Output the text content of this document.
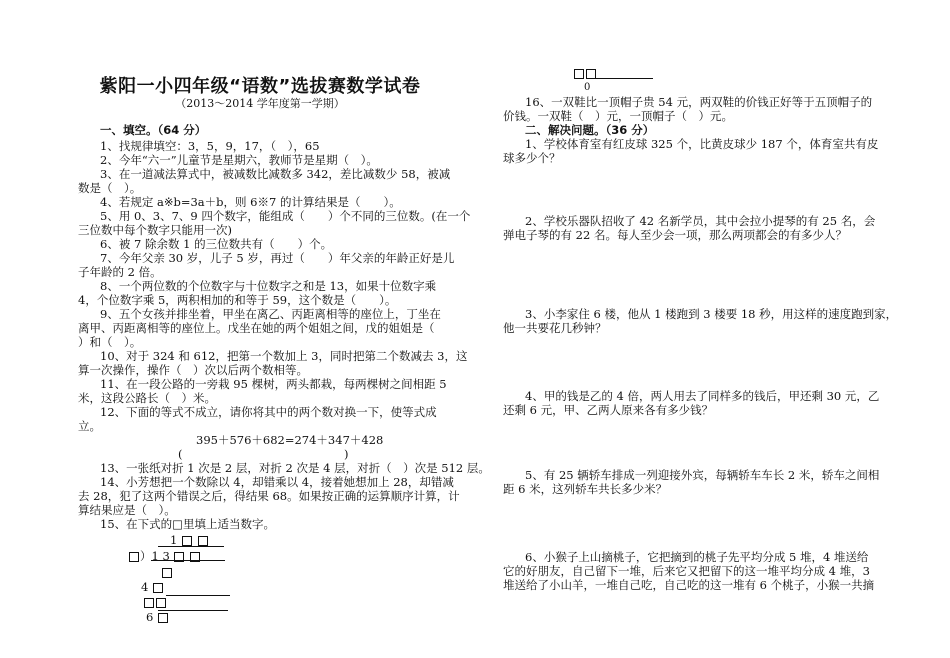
紫阳一小四年级“语数”选拔赛数学试卷
（2013～2014 学年度第一学期）
一、填空。（64 分）
1、找规律填空：3，5，9，17，（　），65
2、今年“六一”儿童节是星期六，教师节是星期（　）。
3、在一道减法算式中，被减数比减数多 342，差比减数少 58，被减
数是（　）。
4、若规定 a※b=3a＋b，则 6※7 的计算结果是（　　）。
5、用 0、3、7、9 四个数字，能组成（　　）个不同的三位数。(在一个
三位数中每个数字只能用一次)
6、被 7 除余数 1 的三位数共有（　　）个。
7、今年父亲 30 岁，儿子 5 岁，再过（　　）年父亲的年龄正好是儿
子年龄的 2 倍。
8、一个两位数的个位数字与十位数字之和是 13，如果十位数字乘
4，个位数字乘 5，两积相加的和等于 59，这个数是（　　）。
9、五个女孩并排坐着，甲坐在离乙、丙距离相等的座位上，丁坐在
离甲、丙距离相等的座位上。戊坐在她的两个姐姐之间，戊的姐姐是（
）和（　）。
10、对于 324 和 612，把第一个数加上 3，同时把第二个数减去 3，这
算一次操作，操作（　）次以后两个数相等。
11、在一段公路的一旁栽 95 棵树，两头都栽，每两棵树之间相距 5
米，这段公路长（　）米。
12、下面的等式不成立，请你将其中的两个数对换一下，使等式成
立。
395＋576＋682=274＋347＋428
(	)
13、一张纸对折 1 次是 2 层，对折 2 次是 4 层，对折（　）次是 512 层。
14、小芳想把一个数除以 4，却错乘以 4，接着她想加上 28，却错减
去 28，犯了这两个错误之后，得结果 68。如果按正确的运算顺序计算，计
算结果应是（　）。
15、在下式的□里填上适当数字。
1
）1 3
4
6
0
16、一双鞋比一顶帽子贵 54 元，两双鞋的价钱正好等于五顶帽子的
价钱。一双鞋（　）元，一顶帽子（　）元。
二、解决问题。（36 分）
1、学校体育室有红皮球 325 个，比黄皮球少 187 个，体育室共有皮
球多少个？
2、学校乐器队招收了 42 名新学员，其中会拉小提琴的有 25 名，会
弹电子琴的有 22 名。每人至少会一项，那么两项都会的有多少人？
3、小李家住 6 楼，他从 1 楼跑到 3 楼要 18 秒，用这样的速度跑到家，
他一共要花几秒钟？
4、甲的钱是乙的 4 倍，两人用去了同样多的钱后，甲还剩 30 元，乙
还剩 6 元，甲、乙两人原来各有多少钱？
5、有 25 辆轿车排成一列迎接外宾，每辆轿车车长 2 米，轿车之间相
距 6 米，这列轿车共长多少米？
6、小猴子上山摘桃子，它把摘到的桃子先平均分成 5 堆，4 堆送给
它的好朋友，自己留下一堆，后来它又把留下的这一堆平均分成 4 堆，3
堆送给了小山羊，一堆自己吃，自己吃的这一堆有 6 个桃子，小猴一共摘
